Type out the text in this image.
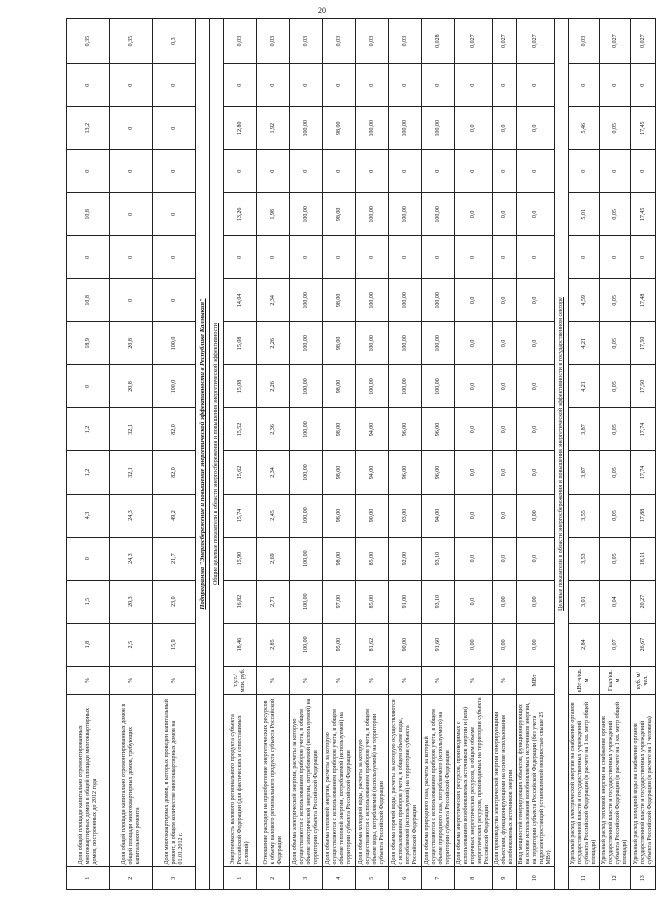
20
1	Доля общей площади капитально отремонтированных многоквартирных домов в общей площади многоквартирных домов, построенных до 2012 года	%	1,8	1,5	0	4,3	1,2	1,2	0	18,9	10,8	0	10,8	0	13,2	0	0,35
2	Доля общей площади капитально отремонтированных домов в общей площади многоквартирных домов, требующих капитального ремонта	%	2,5	20,3	24,3	24,3	32,1	32,1	20,8	20,8	0	0	0	0	0	0	0,35
3	Доля многоквартирных домов, в которых проведен капитальный ремонт, в общем количестве многоквартирных домов на 01.01.2012 г.	%	15,9	23,0	21,7	49,2	82,0	82,0	100,0	100,0	0	0	0	0	0	0	0,3
Подпрограмма "Энергосбережение и повышение энергетической эффективности в Республике Калмыкия"																	
Общие целевые показатели в области энергосбережения и повышения энергетической эффективности																	
1	Энергоемкость валового регионального продукта субъекта Российской Федерации (для фактических и сопоставимых условий)	т.у.т./млн. руб.	18,46	16,82	15,90	15,74	15,62	15,52	15,08	15,08	14,04	0	13,26	0	12,80	0	0,03
2	Отношение расходов на приобретение энергетических ресурсов к объему валового регионального продукта субъекта Российской Федерации	%	2,85	2,71	2,69	2,45	2,34	2,36	2,26	2,26	2,34	0	1,98	0	1,92	0	0,03
3	Доля объема электрической энергии, расчеты за которую осуществляются с использованием приборов учета, в общем объеме электрической энергии, потребляемой (используемой) на территории субъекта Российской Федерации	%	100,00	100,00	100,00	100,00	100,00	100,00	100,00	100,00	100,00	0	100,00	0	100,00	0	0,03
4	Доля объема тепловой энергии, расчеты за которую осуществляются с использованием приборов учета, в общем объеме тепловой энергии, потребляемой (используемой) на территории субъекта Российской Федерации	%	95,00	97,00	98,00	98,00	98,00	98,00	98,00	98,00	98,00	0	98,00	0	98,00	0	0,03
5	Доля объема холодной воды, расчеты за которую осуществляются с использованием приборов учета, в общем объеме воды, потребляемой (используемой) на территории субъекта Российской Федерации	%	81,62	85,00	85,00	90,00	94,00	94,00	100,00	100,00	100,00	0	100,00	0	100,00	0	0,03
6	Доля объема горячей воды, расчеты за которую осуществляются с использованием приборов учета, в общем объеме воды, потребляемой (используемой) на территории субъекта Российской Федерации	%	90,00	91,00	92,00	93,00	96,00	96,00	100,00	100,00	100,00	0	100,00	0	100,00	0	0,03
7	Доля объема природного газа, расчеты за который осуществляются с использованием приборов учета, в общем объеме природного газа, потребляемого (используемого) на территории субъекта Российской Федерации	%	91,60	93,10	93,10	94,00	96,00	96,00	100,00	100,00	100,00	0	100,00	0	100,00	0	0,028
8	Доля объема энергетических ресурсов, производимых с использованием возобновляемых источников энергии и (или) вторичных энергетических ресурсов, в общем объеме энергетических ресурсов, производимых на территории субъекта Российской Федерации	%	0,00	0,0	0,0	0,0	0,0	0,0	0,0	0,0	0,0	0	0,0	0	0,0	0	0,027
9	Доля производства электрической энергии генерирующими объектами, функционирующими на основе использования возобновляемых источников энергии	%	0,00	0,00	0,0	0,0	0,0	0,0	0,0	0,0	0,0	0	0,0	0	0,0	0	0,027
10	Ввод мощностей генерирующих объектов, функционирующих на основе использования возобновляемых источников энергии, на территории субъекта Российской Федерации (без учета гидроэлектростанций установленной мощностью свыше 25 МВт)	МВт	0,00	0,00	0,0	0,00	0,0	0,0	0,0	0,0	0,0	0	0,0	0	0,0	0	0,027
Целевые показатели в области энергосбережения и повышения энергетической эффективности в государственном секторе																	
11	Удельный расход электрической энергии на снабжение органов государственной власти и государственных учреждений субъекта Российской Федерации (в расчете на 1 кв. метр общей площади)	кВт·ч/кв. м	2,84	3,01	3,53	3,55	3,87	3,87	4,21	4,21	4,59	0	5,01	0	5,46	0	0,03
12	Удельный расход тепловой энергии на снабжение органов государственной власти и государственных учреждений субъекта Российской Федерации (в расчете на 1 кв. метр общей площади)	Гкал/кв. м	0,07	0,04	0,05	0,05	0,05	0,05	0,05	0,05	0,05	0	0,05	0	0,05	0	0,027
13	Удельный расход холодной воды на снабжение органов государственной власти и государственных учреждений субъекта Российской Федерации (в расчете на 1 человека)	куб. м/чел.	26,67	20,27	18,11	17,88	17,74	17,74	17,50	17,50	17,48	0	17,45	0	17,45	0	0,027
